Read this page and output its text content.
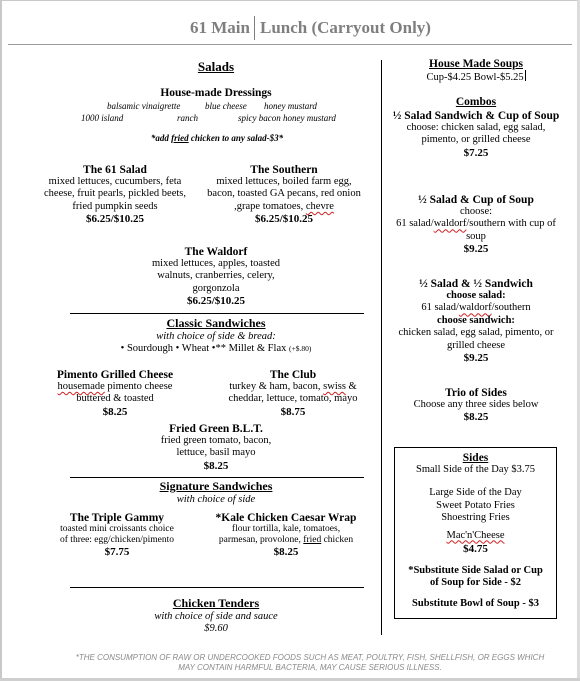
61 Main Lunch (Carryout Only)
Salads
House-made Dressings
balsamic vinaigrette	blue cheese honey mustard
1000 island	ranch	spicy bacon honey mustard
*add fried chicken to any salad-$3*
The 61 Salad
mixed lettuces, cucumbers, feta cheese, fruit pearls, pickled beets, fried pumpkin seeds
$6.25/$10.25
The Southern
mixed lettuces, boiled farm egg, bacon, toasted GA pecans, red onion ,grape tomatoes, chevre
$6.25/$10.25
The Waldorf
mixed lettuces, apples, toasted walnuts, cranberries, celery, gorgonzola
$6.25/$10.25
Classic Sandwiches
with choice of side & bread:
• Sourdough • Wheat •** Millet & Flax (+$.80)
Pimento Grilled Cheese
housemade pimento cheese
buttered & toasted
$8.25
The Club
turkey & ham, bacon, swiss & cheddar, lettuce, tomato, mayo
$8.75
Fried Green B.L.T.
fried green tomato, bacon, lettuce, basil mayo
$8.25
Signature Sandwiches
with choice of side
The Triple Gammy
toasted mini croissants choice of three: egg/chicken/pimento
$7.75
*Kale Chicken Caesar Wrap
flour tortilla, kale, tomatoes, parmesan, provolone, fried chicken
$8.25
Chicken Tenders
with choice of side and sauce
$9.60
House Made Soups
Cup-$4.25 Bowl-$5.25
Combos
½ Salad Sandwich & Cup of Soup
choose: chicken salad, egg salad, pimento, or grilled cheese
$7.25
½ Salad & Cup of Soup
choose:
61 salad/waldorf/southern with cup of soup
$9.25
½ Salad & ½ Sandwich
choose salad:
61 salad/waldorf/southern
choose sandwich:
chicken salad, egg salad, pimento, or grilled cheese
$9.25
Trio of Sides
Choose any three sides below
$8.25
Sides
Small Side of the Day $3.75
Large Side of the Day
Sweet Potato Fries
Shoestring Fries
Mac'n'Cheese
$4.75
*Substitute Side Salad or Cup of Soup for Side - $2
Substitute Bowl of Soup - $3
*THE CONSUMPTION OF RAW OR UNDERCOOKED FOODS SUCH AS MEAT, POULTRY, FISH, SHELLFISH, OR EGGS WHICH MAY CONTAIN HARMFUL BACTERIA, MAY CAUSE SERIOUS ILLNESS.
